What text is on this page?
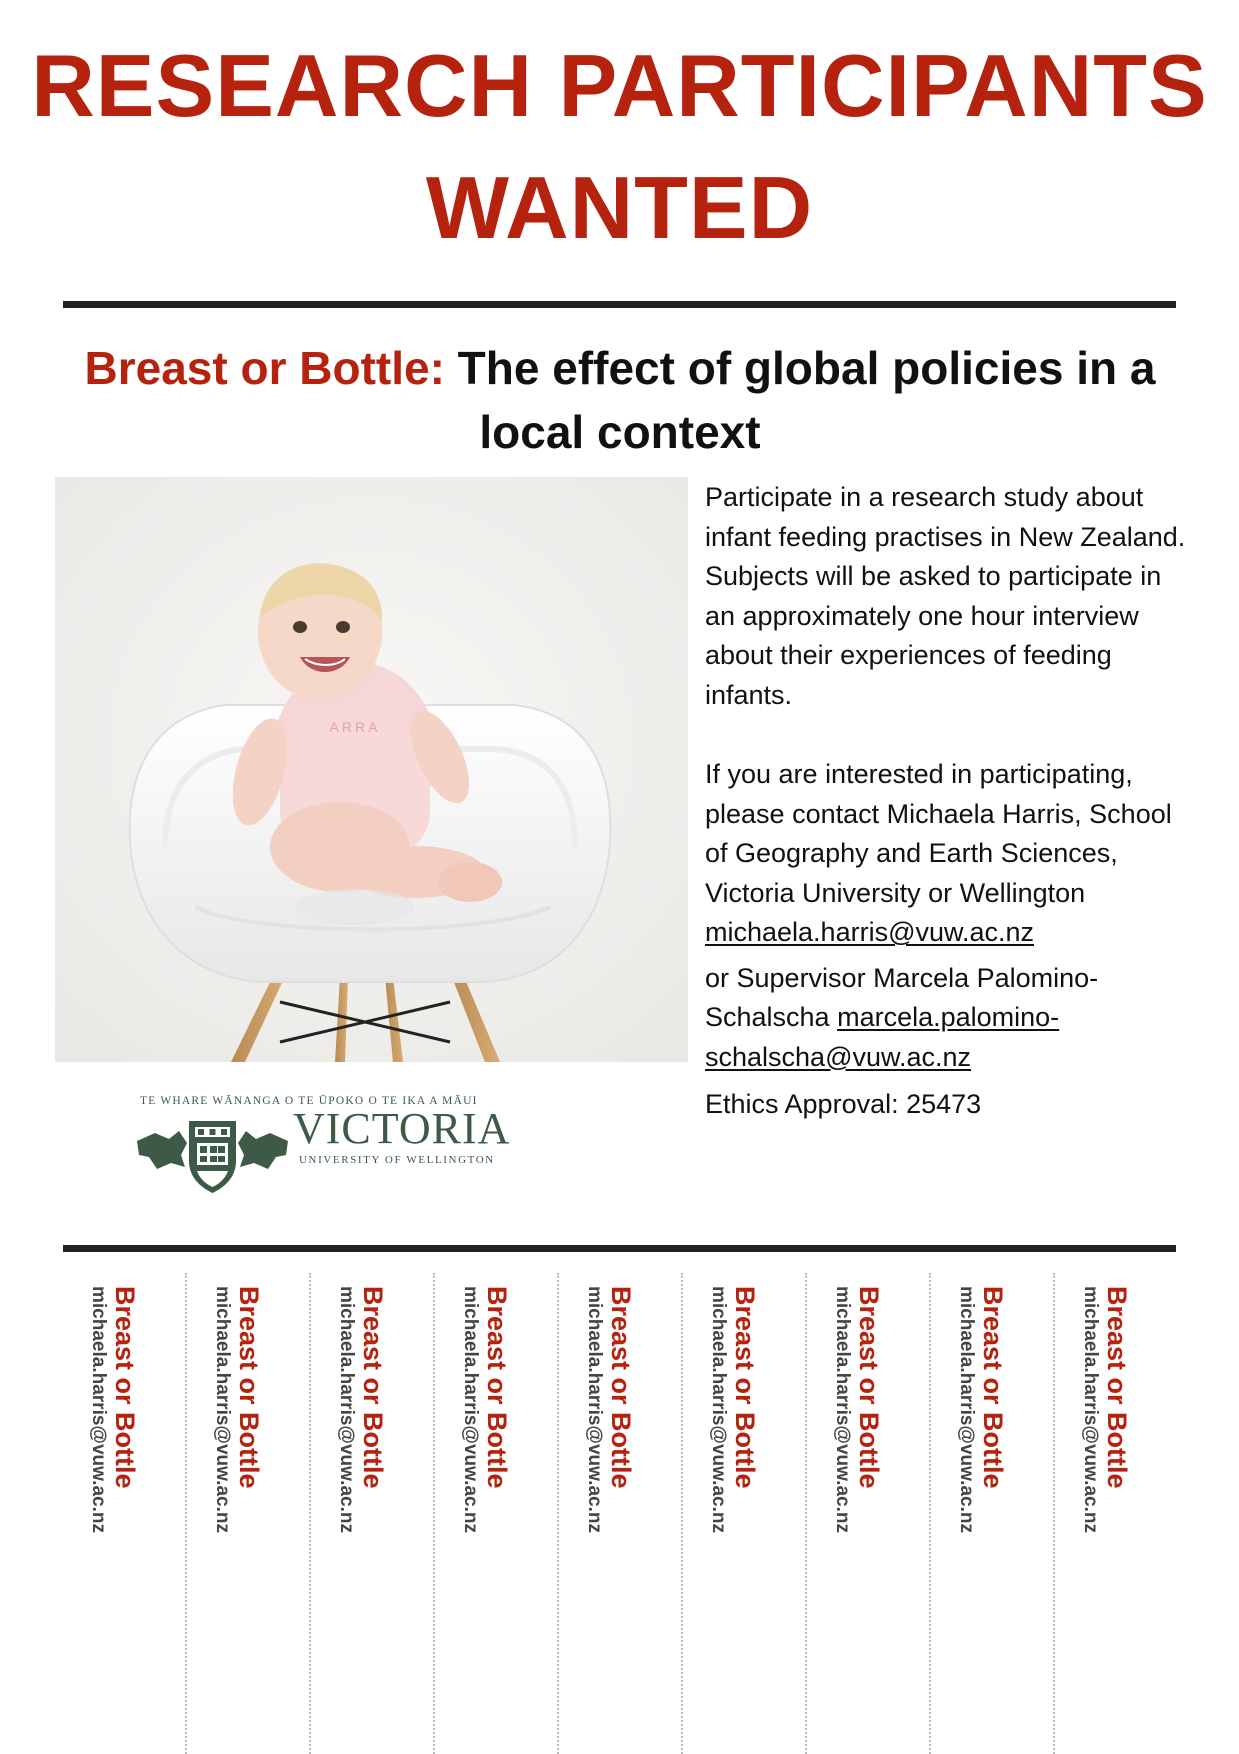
RESEARCH PARTICIPANTS
WANTED
Breast or Bottle: The effect of global policies in a local context
ARRA

Participate in a research study about infant feeding practises in New Zealand. Subjects will be asked to participate in an approximately one hour interview about their experiences of feeding infants.

If you are interested in participating, please contact Michaela Harris, School of Geography and Earth Sciences, Victoria University or Wellington
michaela.harris@vuw.ac.nz

or Supervisor Marcela Palomino-Schalscha marcela.palomino-schalscha@vuw.ac.nz

Ethics Approval: 25473

TE WHARE WĀNANGA O TE ŪPOKO O TE IKA A MĀUI
VICTORIA
UNIVERSITY OF WELLINGTON
Breast or Bottle
michaela.harris@vuw.ac.nz	Breast or Bottle
michaela.harris@vuw.ac.nz	Breast or Bottle
michaela.harris@vuw.ac.nz	Breast or Bottle
michaela.harris@vuw.ac.nz	Breast or Bottle
michaela.harris@vuw.ac.nz	Breast or Bottle
michaela.harris@vuw.ac.nz	Breast or Bottle
michaela.harris@vuw.ac.nz	Breast or Bottle
michaela.harris@vuw.ac.nz	Breast or Bottle
michaela.harris@vuw.ac.nz
